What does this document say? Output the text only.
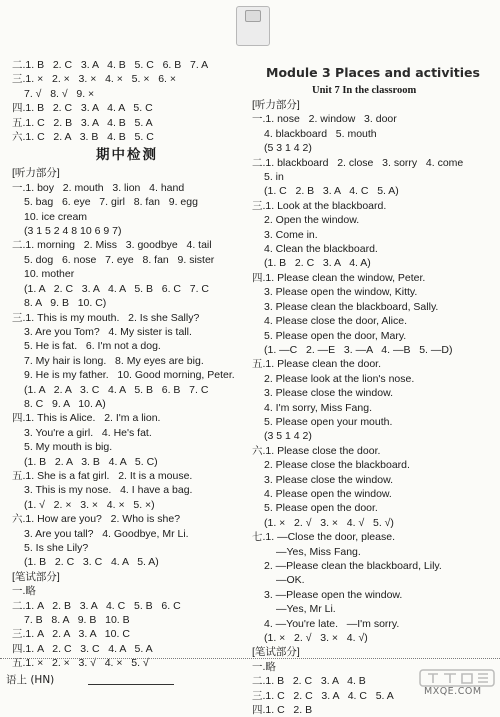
二.1. B   2. C   3. A   4. B   5. C   6. B   7. A
三.1. ×   2. ×   3. ×   4. ×   5. ×   6. ×
7. √   8. √   9. ×
四.1. B   2. C   3. A   4. A   5. C
五.1. C   2. B   3. A   4. B   5. A
六.1. C   2. A   3. B   4. B   5. C
期中检测
[听力部分]
一.1. boy   2. mouth   3. lion   4. hand
5. bag   6. eye   7. girl   8. fan   9. egg
10. ice cream
(3 1 5 2 4 8 10 6 9 7)
二.1. morning   2. Miss   3. goodbye   4. tail
5. dog   6. nose   7. eye   8. fan   9. sister
10. mother
(1. A   2. C   3. A   4. A   5. B   6. C   7. C
8. A   9. B   10. C)
三.1. This is my mouth.   2. Is she Sally?
3. Are you Tom?   4. My sister is tall.
5. He is fat.   6. I'm not a dog.
7. My hair is long.   8. My eyes are big.
9. He is my father.   10. Good morning, Peter.
(1. A   2. A   3. C   4. A   5. B   6. B   7. C
8. C   9. A   10. A)
四.1. This is Alice.   2. I'm a lion.
3. You're a girl.   4. He's fat.
5. My mouth is big.
(1. B   2. A   3. B   4. A   5. C)
五.1. She is a fat girl.   2. It is a mouse.
3. This is my nose.   4. I have a bag.
(1. √   2. ×   3. ×   4. ×   5. ×)
六.1. How are you?   2. Who is she?
3. Are you tall?   4. Goodbye, Mr Li.
5. Is she Lily?
(1. B   2. C   3. C   4. A   5. A)
[笔试部分]
一.略
二.1. A   2. B   3. A   4. C   5. B   6. C
7. B   8. A   9. B   10. B
三.1. A   2. A   3. A   10. C
四.1. A   2. C   3. C   4. A   5. A
五.1. ×   2. ×   3. √   4. ×   5. √
Module 3 Places and activities
Unit 7 In the classroom
[听力部分]
一.1. nose   2. window   3. door
4. blackboard   5. mouth
(5 3 1 4 2)
二.1. blackboard   2. close   3. sorry   4. come
5. in
(1. C   2. B   3. A   4. C   5. A)
三.1. Look at the blackboard.
2. Open the window.
3. Come in.
4. Clean the blackboard.
(1. B   2. C   3. A   4. A)
四.1. Please clean the window, Peter.
3. Please open the window, Kitty.
3. Please clean the blackboard, Sally.
4. Please close the door, Alice.
5. Please open the door, Mary.
(1. —C   2. —E   3. —A   4. —B   5. —D)
五.1. Please clean the door.
2. Please look at the lion's nose.
3. Please close the window.
4. I'm sorry, Miss Fang.
5. Please open your mouth.
(3 5 1 4 2)
六.1. Please close the door.
2. Please close the blackboard.
3. Please close the window.
4. Please open the window.
5. Please open the door.
(1. ×   2. √   3. ×   4. √   5. √)
七.1. —Close the door, please.
—Yes, Miss Fang.
2. —Please clean the blackboard, Lily.
—OK.
3. —Please open the window.
—Yes, Mr Li.
4. —You're late.   —I'm sorry.
(1. ×   2. √   3. ×   4. √)
[笔试部分]
一.略
二.1. B   2. C   3. A   4. B
三.1. C   2. C   3. A   4. C   5. A
四.1. C   2. B
语上 (HN)
MXQE.COM
